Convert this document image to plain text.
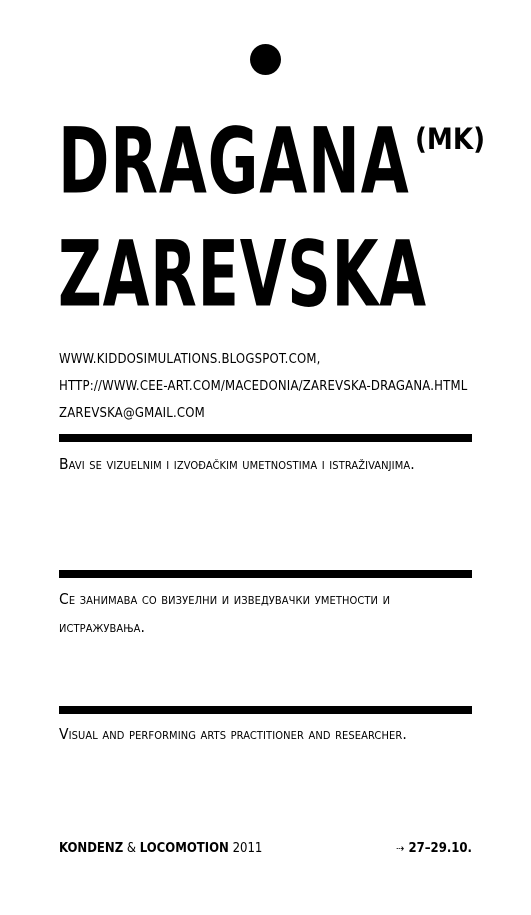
DRAGANA (MK)
ZAREVSKA
WWW.KIDDOSIMULATIONS.BLOGSPOT.COM,
HTTP://WWW.CEE-ART.COM/MACEDONIA/ZAREVSKA-DRAGANA.HTML
ZAREVSKA@GMAIL.COM
Bavi se vizuelnim i izvođačkim umetnostima i istraživanjima.
Се занимава со визуелни и изведувачки уметности и истражувања.
Visual and performing arts practitioner and researcher.
KONDENZ & LOCOMOTION 2011	⇢ 27–29.10.
